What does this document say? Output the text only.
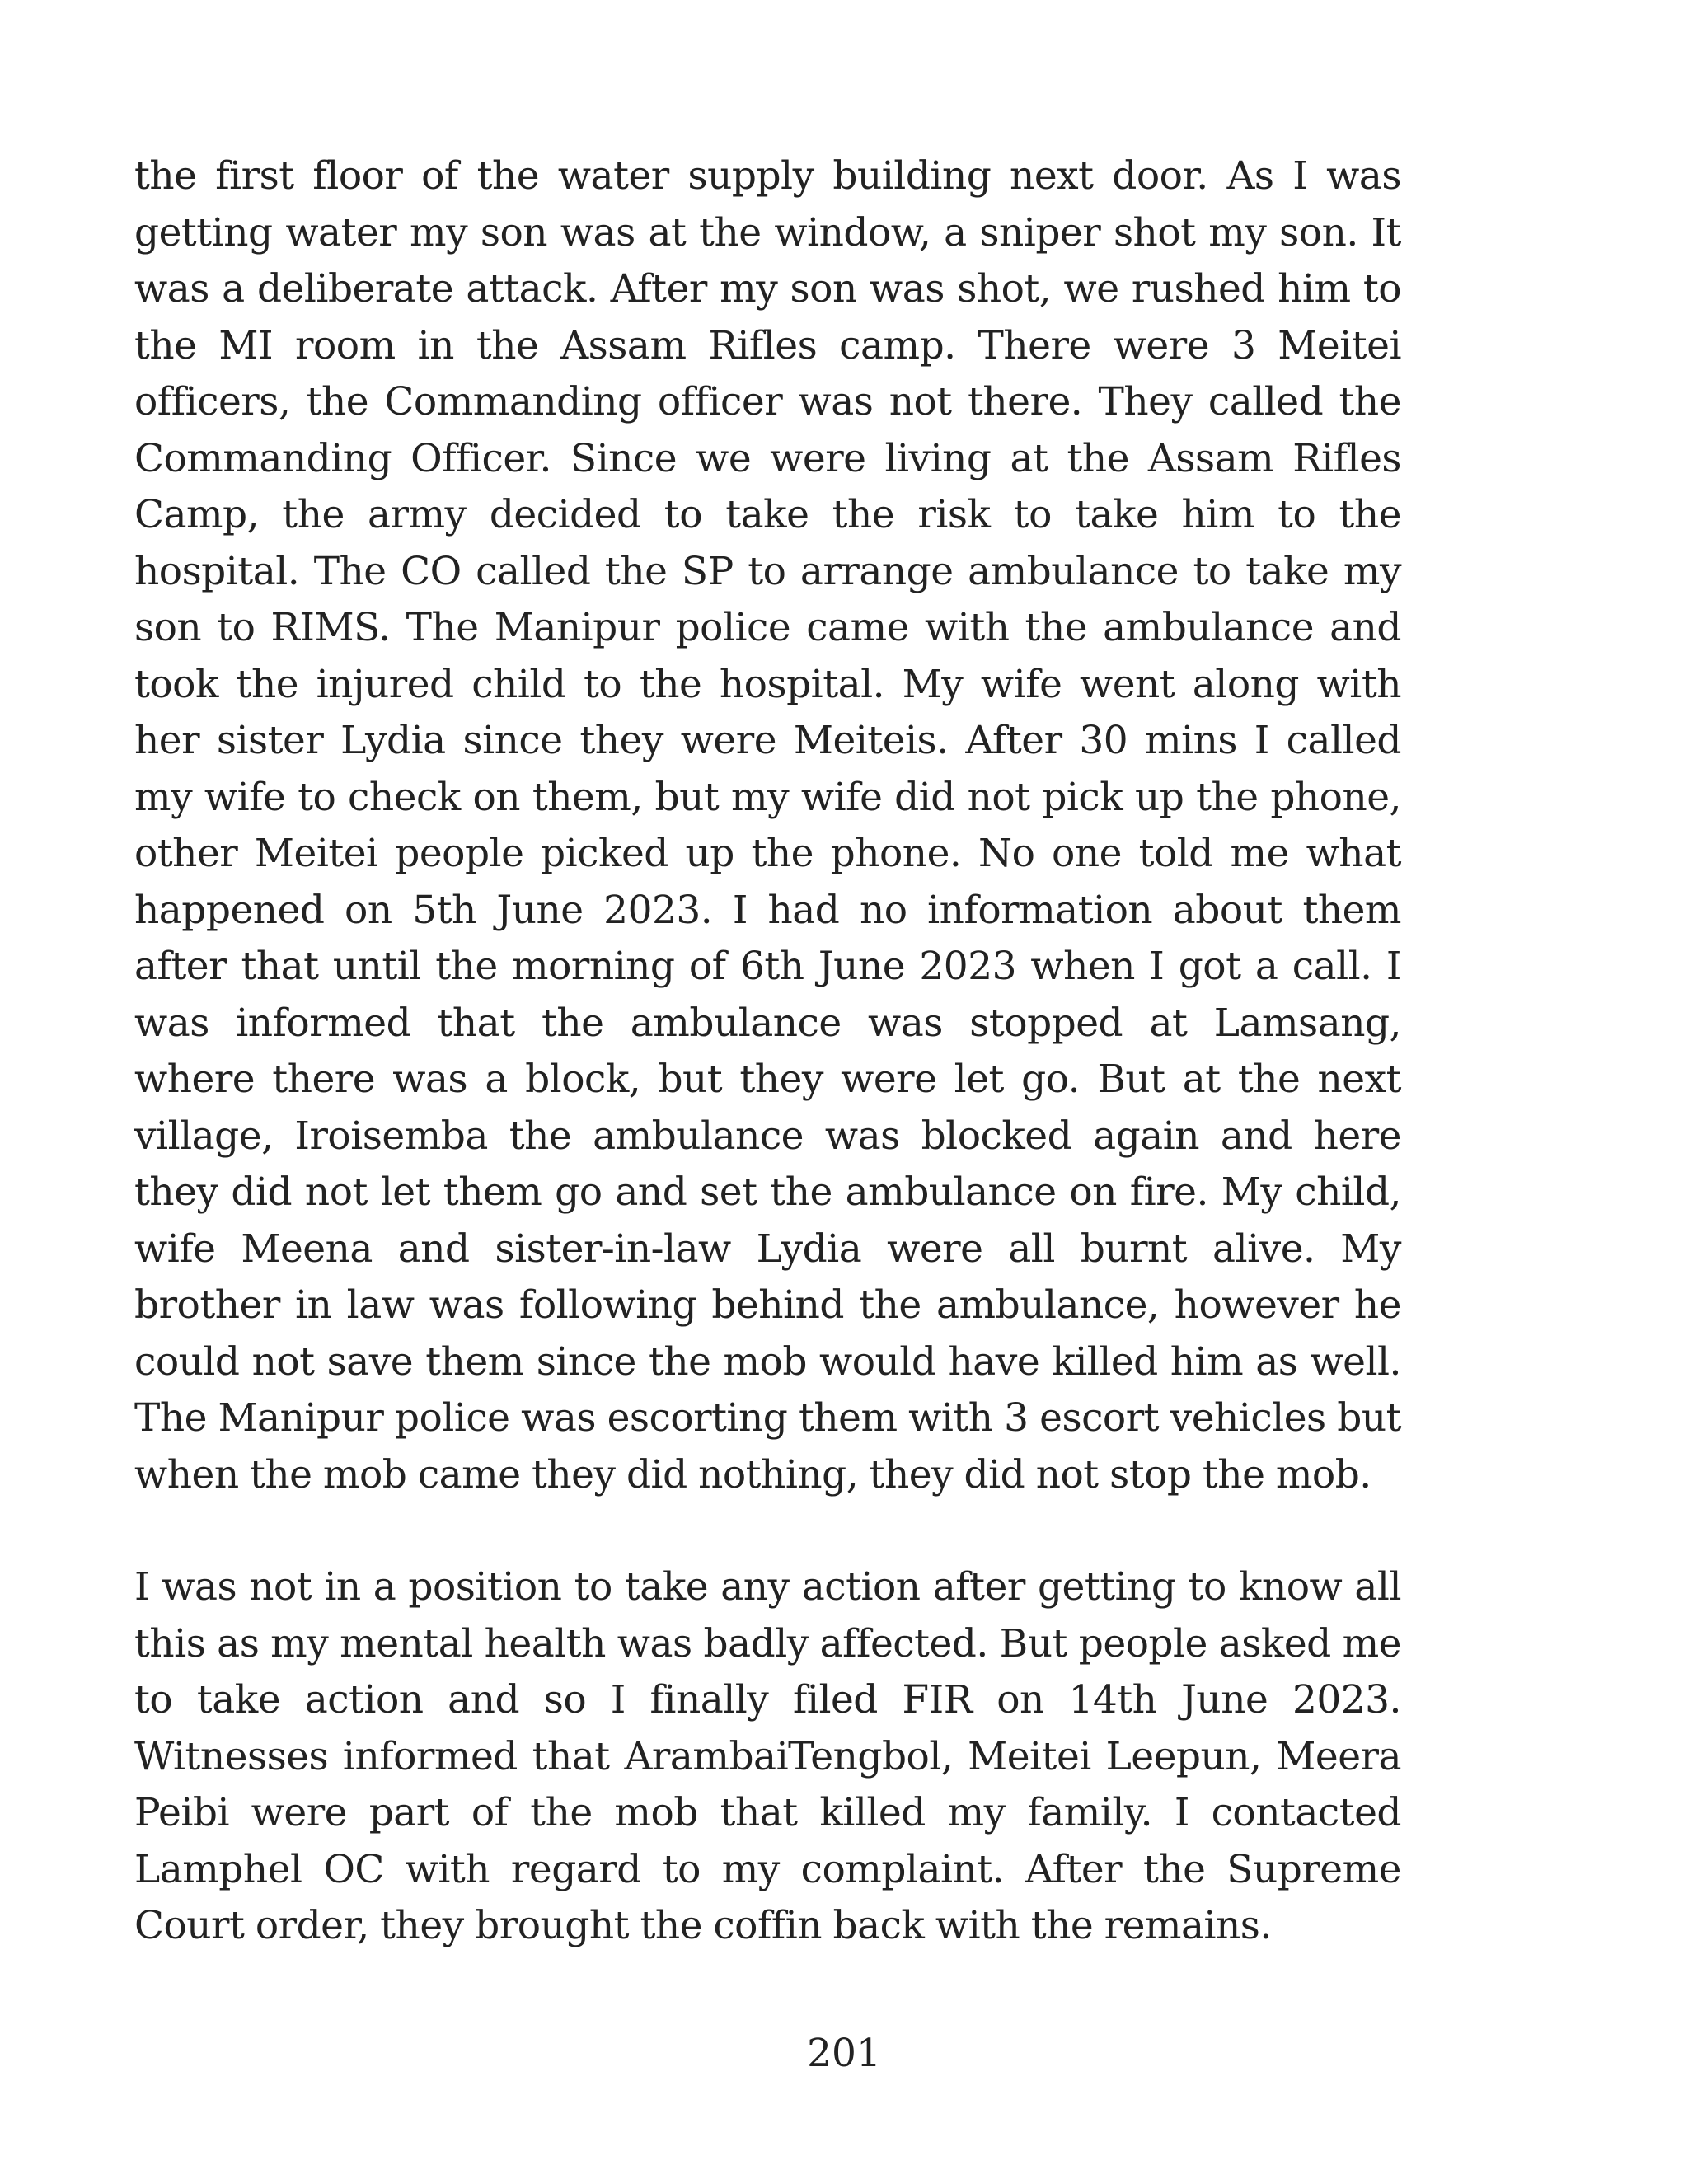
the first floor of the water supply building next door. As I was getting water my son was at the window, a sniper shot my son. It was a deliberate attack. After my son was shot, we rushed him to the MI room in the Assam Rifles camp. There were 3 Meitei officers, the Commanding officer was not there. They called the Commanding Officer. Since we were living at the Assam Rifles Camp, the army decided to take the risk to take him to the hospital. The CO called the SP to arrange ambulance to take my son to RIMS. The Manipur police came with the ambulance and took the injured child to the hospital. My wife went along with her sister Lydia since they were Meiteis. After 30 mins I called my wife to check on them, but my wife did not pick up the phone, other Meitei people picked up the phone. No one told me what happened on 5th June 2023. I had no information about them after that until the morning of 6th June 2023 when I got a call. I was informed that the ambulance was stopped at Lamsang, where there was a block, but they were let go. But at the next village, Iroisemba the ambulance was blocked again and here they did not let them go and set the ambulance on fire. My child, wife Meena and sister-in-law Lydia were all burnt alive. My brother in law was following behind the ambulance, however he could not save them since the mob would have killed him as well. The Manipur police was escorting them with 3 escort vehicles but when the mob came they did nothing, they did not stop the mob.

I was not in a position to take any action after getting to know all this as my mental health was badly affected. But people asked me to take action and so I finally filed FIR on 14th June 2023. Witnesses informed that ArambaiTengbol, Meitei Leepun, Meera Peibi were part of the mob that killed my family. I contacted Lamphel OC with regard to my complaint. After the Supreme Court order, they brought the coffin back with the remains.

201
